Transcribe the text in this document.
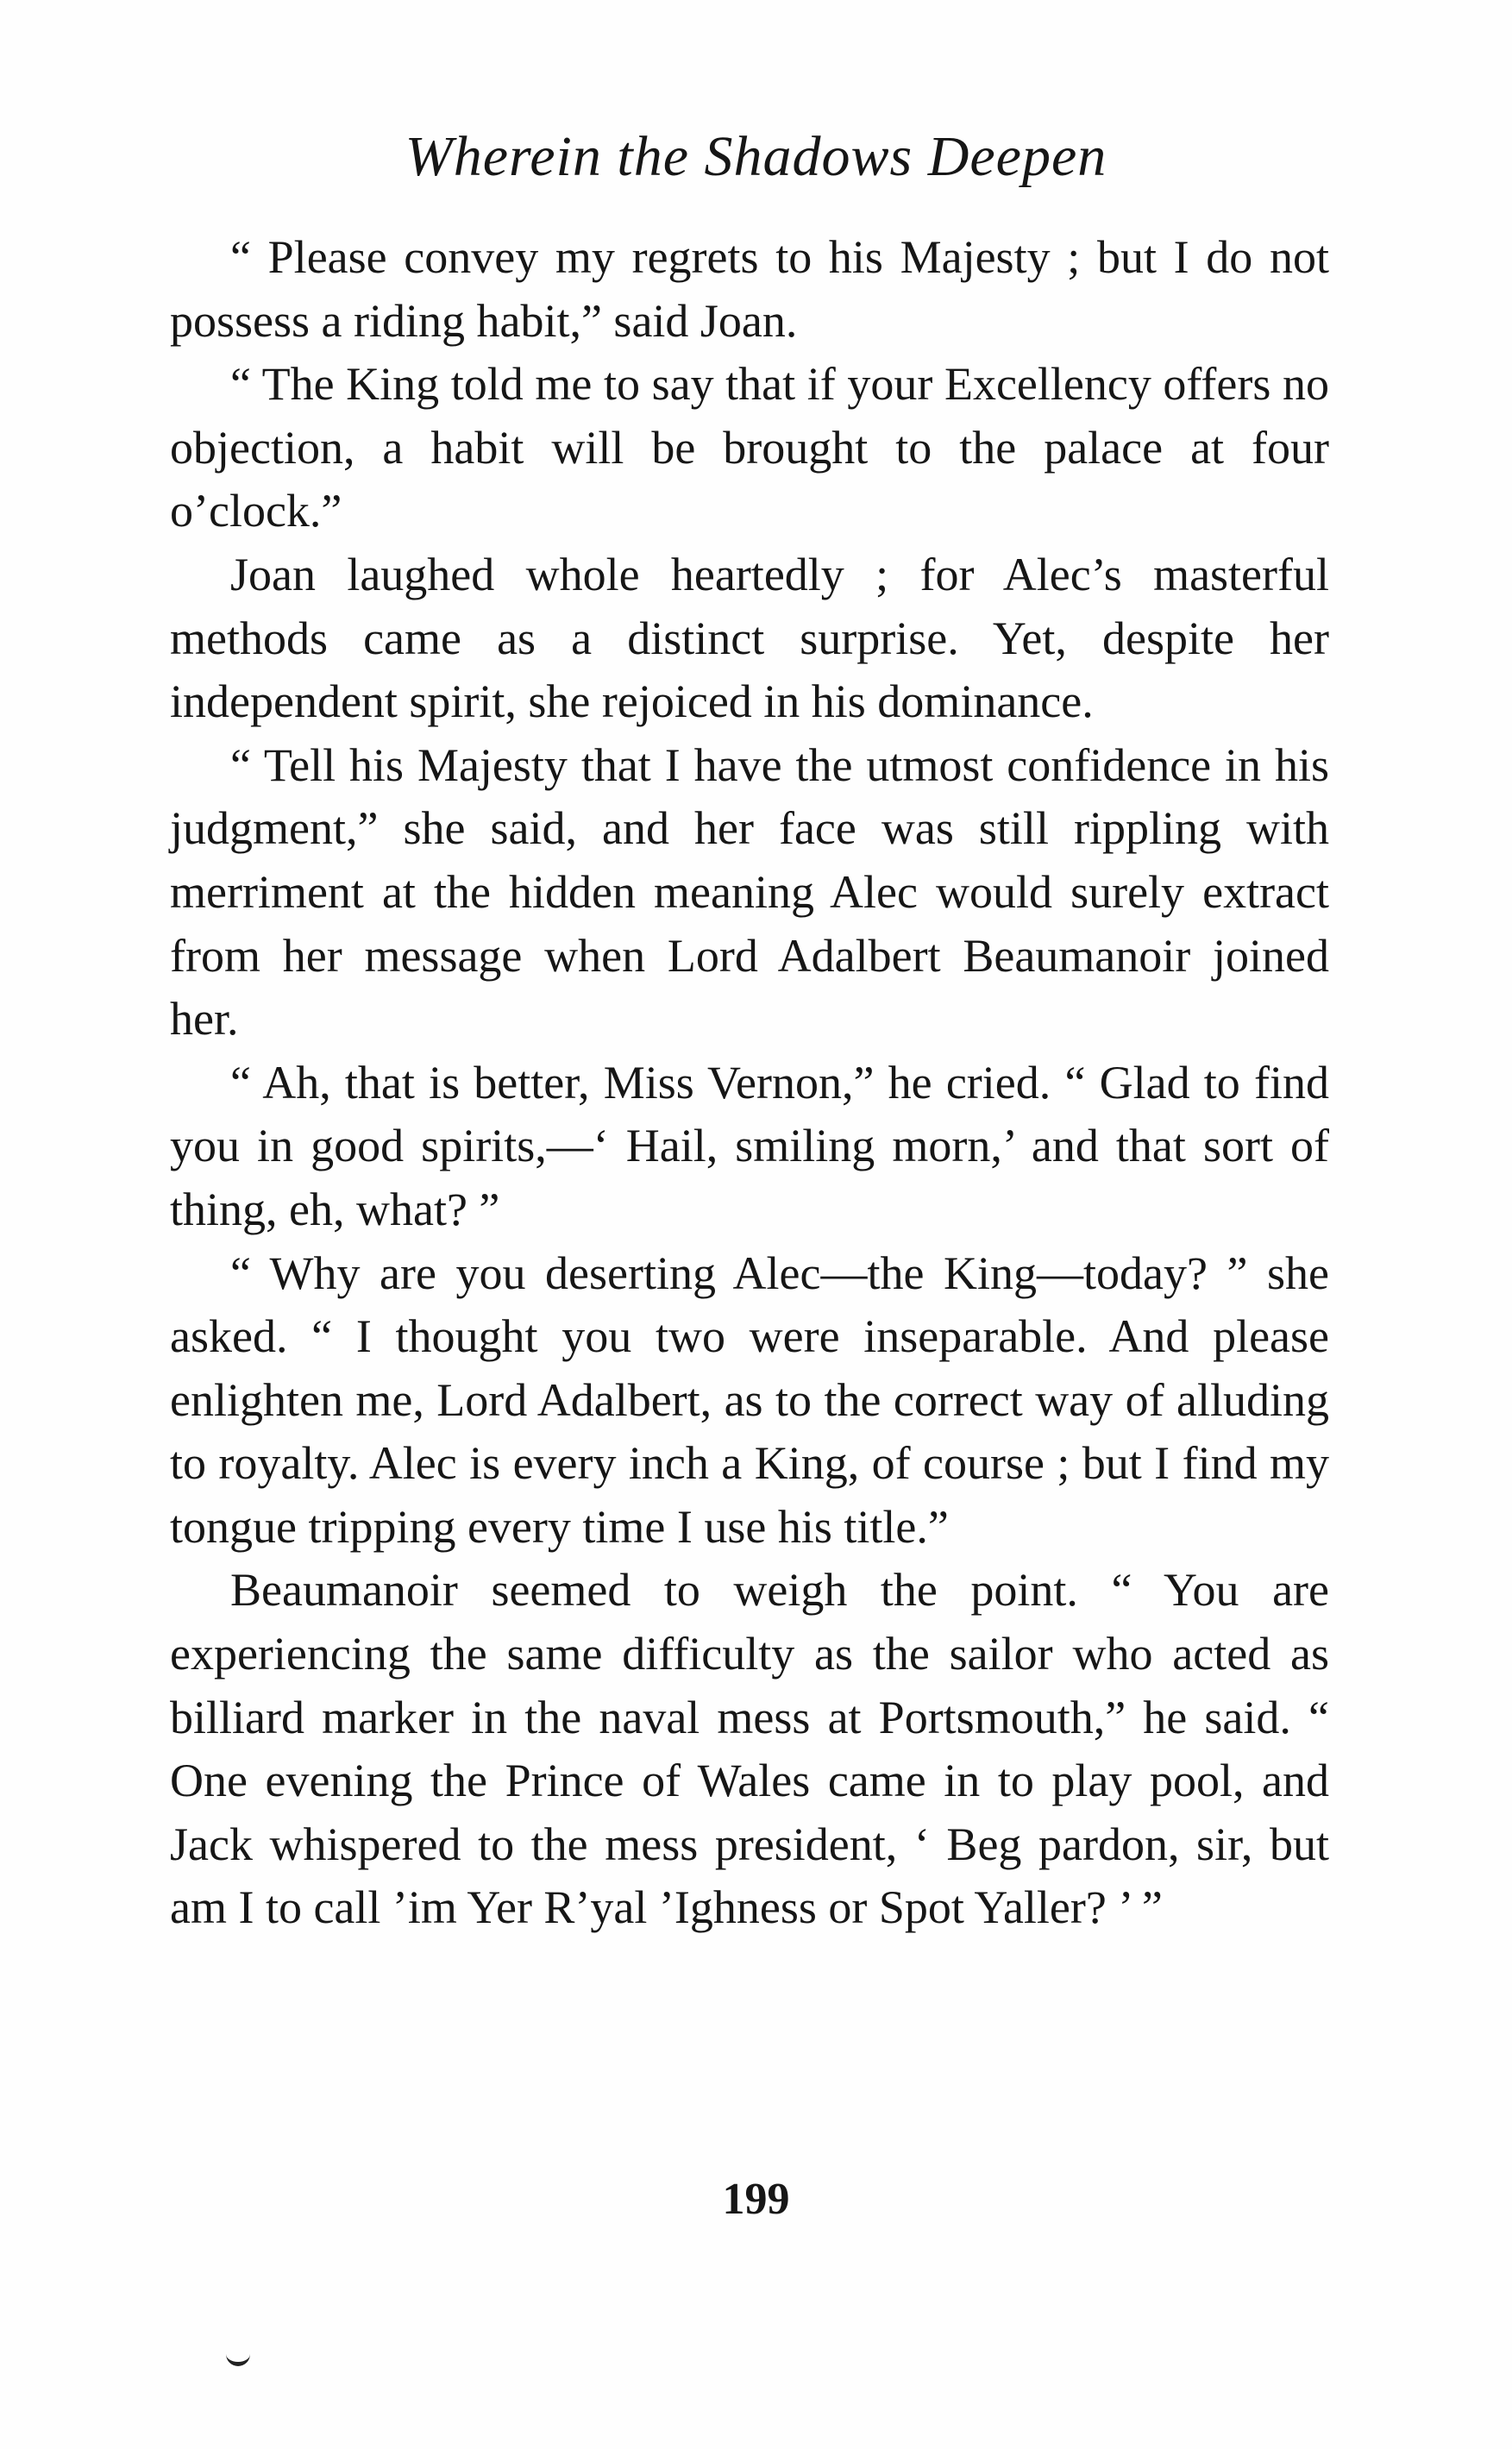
Wherein the Shadows Deepen

“ Please convey my regrets to his Majesty ; but I do not possess a riding habit,” said Joan.

“ The King told me to say that if your Excellency offers no objection, a habit will be brought to the palace at four o’clock.”

Joan laughed whole heartedly ; for Alec’s masterful methods came as a distinct surprise. Yet, despite her independent spirit, she rejoiced in his dominance.

“ Tell his Majesty that I have the utmost confidence in his judgment,” she said, and her face was still rippling with merriment at the hidden meaning Alec would surely extract from her message when Lord Adalbert Beaumanoir joined her.

“ Ah, that is better, Miss Vernon,” he cried. “ Glad to find you in good spirits,—‘ Hail, smiling morn,’ and that sort of thing, eh, what? ”

“ Why are you deserting Alec—the King—today? ” she asked. “ I thought you two were inseparable. And please enlighten me, Lord Adalbert, as to the correct way of alluding to royalty. Alec is every inch a King, of course ; but I find my tongue tripping every time I use his title.”

Beaumanoir seemed to weigh the point. “ You are experiencing the same difficulty as the sailor who acted as billiard marker in the naval mess at Portsmouth,” he said. “ One evening the Prince of Wales came in to play pool, and Jack whispered to the mess president, ‘ Beg pardon, sir, but am I to call ’im Yer R’yal ’Ighness or Spot Yaller? ’ ”

199
